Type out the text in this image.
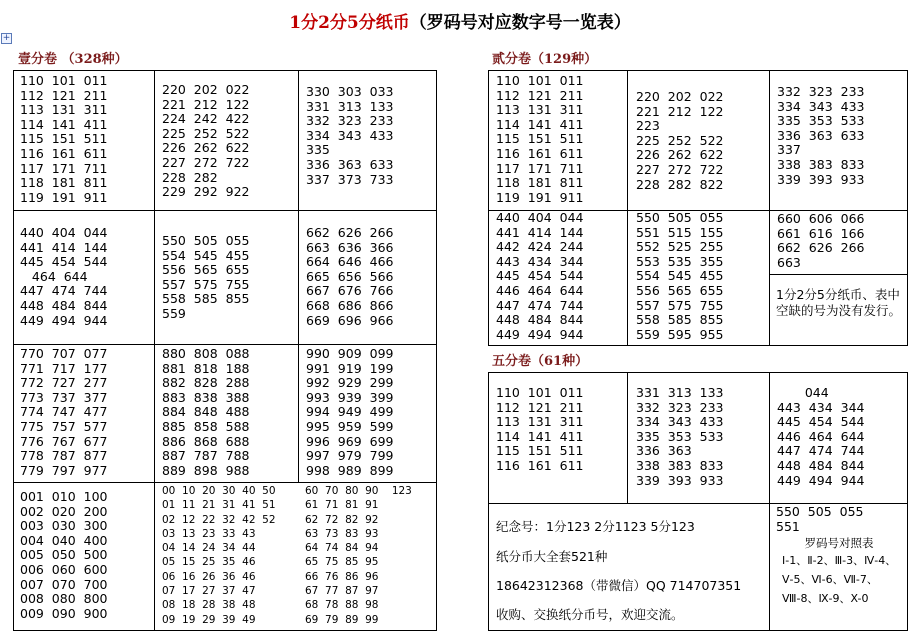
1分2分5分纸币（罗码号对应数字号一览表）
+
壹分卷 （328种）
110  101  011
112  121  211
113  131  311
114  141  411
115  151  511
116  161  611
117  171  711
118  181  811
119  191  911
220  202  022
221  212  122
224  242  422
225  252  522
226  262  622
227  272  722
228  282
229  292  922
330  303  033
331  313  133
332  323  233
334  343  433
335
336  363  633
337  373  733
440  404  044
441  414  144
445  454  544
464  644
447  474  744
448  484  844
449  494  944
550  505  055
554  545  455
556  565  655
557  575  755
558  585  855
559
662  626  266
663  636  366
664  646  466
665  656  566
667  676  766
668  686  866
669  696  966
770  707  077
771  717  177
772  727  277
773  737  377
774  747  477
775  757  577
776  767  677
778  787  877
779  797  977
880  808  088
881  818  188
882  828  288
883  838  388
884  848  488
885  858  588
886  868  688
887  787  788
889  898  988
990  909  099
991  919  199
992  929  299
993  939  399
994  949  499
995  959  599
996  969  699
997  979  799
998  989  899
001  010  100
002  020  200
003  030  300
004  040  400
005  050  500
006  060  600
007  070  700
008  080  800
009  090  900
00  10  20  30  40  50
01  11  21  31  41  51
02  12  22  32  42  52
03  13  23  33  43
04  14  24  34  44
05  15  25  35  46
06  16  26  36  46
07  17  27  37  47
08  18  28  38  48
09  19  29  39  49
60  70  80  90    123
61  71  81  91
62  72  82  92
63  73  83  93
64  74  84  94
65  75  85  95
66  76  86  96
67  77  87  97
68  78  88  98
69  79  89  99
贰分卷（129种）
110  101  011
112  121  211
113  131  311
114  141  411
115  151  511
116  161  611
117  171  711
118  181  811
119  191  911
220  202  022
221  212  122
223
225  252  522
226  262  622
227  272  722
228  282  822
332  323  233
334  343  433
335  353  533
336  363  633
337
338  383  833
339  393  933
440  404  044
441  414  144
442  424  244
443  434  344
445  454  544
446  464  644
447  474  744
448  484  844
449  494  944
550  505  055
551  515  155
552  525  255
553  535  355
554  545  455
556  565  655
557  575  755
558  585  855
559  595  955
660  606  066
661  616  166
662  626  266
663
1分2分5分纸币、表中空缺的号为没有发行。
五分卷（61种）
110  101  011
112  121  211
113  131  311
114  141  411
115  151  511
116  161  611
331  313  133
332  323  233
334  343  433
335  353  533
336  363
338  383  833
339  393  933
044
443  434  344
445  454  544
446  464  644
447  474  744
448  484  844
449  494  944
550  505  055
551
纪念号：1分123 2分1123 5分123
纸分币大全套521种
18642312368（带微信）QQ 714707351
收购、交换纸分币号，欢迎交流。
罗码号对照表
Ⅰ-1、Ⅱ-2、Ⅲ-3、Ⅳ-4、Ⅴ-5、Ⅵ-6、Ⅶ-7、Ⅷ-8、Ⅸ-9、X-0
